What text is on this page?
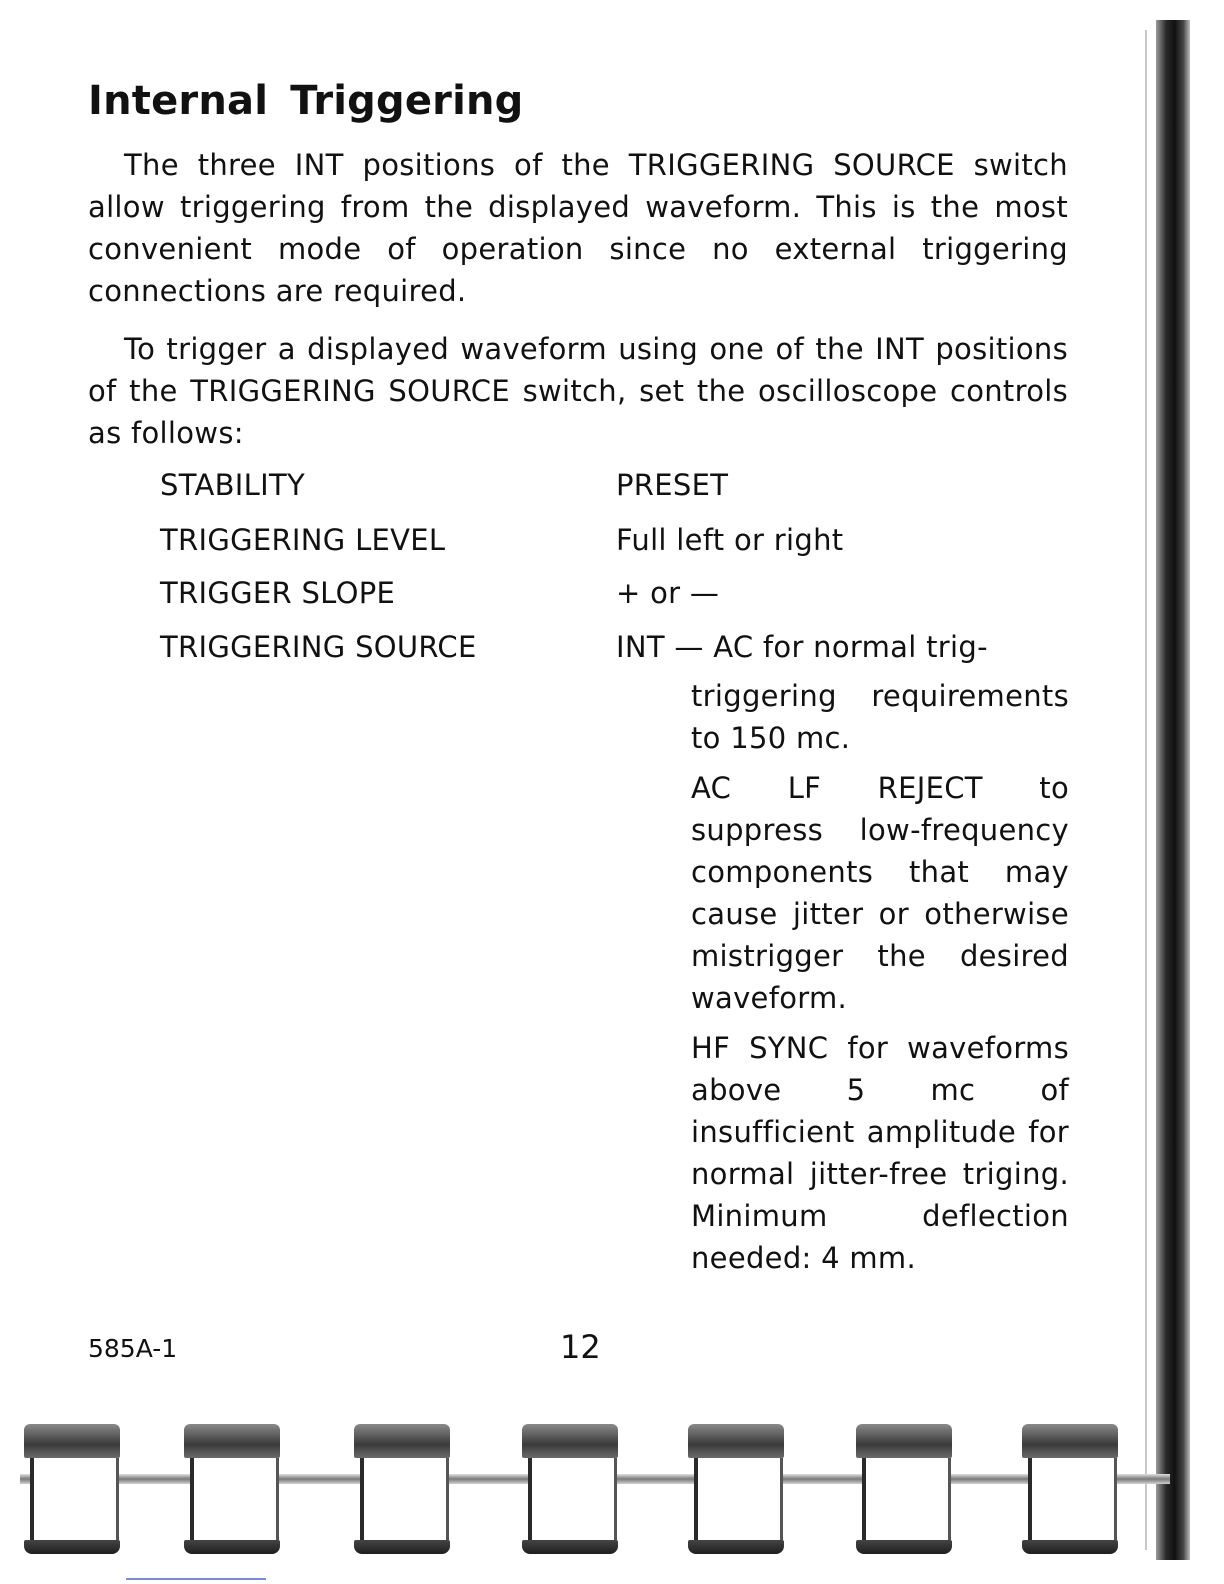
Internal Triggering

The three INT positions of the TRIGGERING SOURCE switch allow triggering from the displayed waveform. This is the most convenient mode of operation since no external triggering connections are required.

To trigger a displayed waveform using one of the INT positions of the TRIGGERING SOURCE switch, set the oscilloscope controls as follows:

STABILITY	PRESET
TRIGGERING LEVEL	Full left or right
TRIGGER SLOPE	+ or —
TRIGGERING SOURCE	INT — AC for normal trig-

triggering requirements to 150 mc.

AC LF REJECT to suppress low-frequency components that may cause jitter or otherwise mistrigger the desired waveform.

HF SYNC for waveforms above 5 mc of insufficient amplitude for normal jitter-free triging. Minimum deflection needed: 4 mm.

585A-1	12
